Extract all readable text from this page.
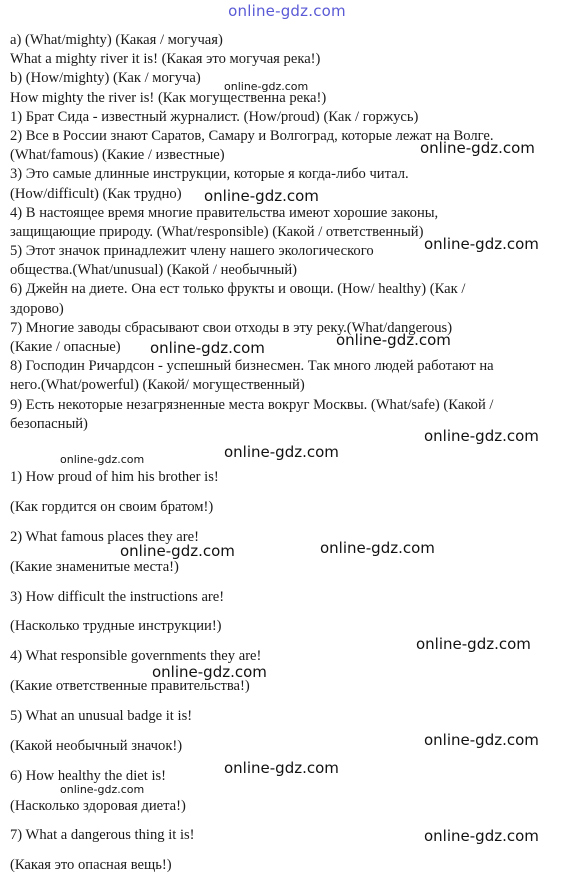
online-gdz.com
a) (What/mighty) (Какая / могучая)
What a mighty river it is! (Какая это могучая река!)
b) (How/mighty) (Как / могуча)
How mighty the river is! (Как могущественна река!)
1) Брат Сида - известный журналист. (How/proud) (Как / горжусь)
2) Все в России знают Саратов, Самару и Волгоград, которые лежат на Волге.
(What/famous) (Какие / известные)
3) Это самые длинные инструкции, которые я когда-либо читал.
(How/difficult) (Как трудно)
4) В настоящее время многие правительства имеют хорошие законы,
защищающие природу. (What/responsible) (Какой / ответственный)
5) Этот значок принадлежит члену нашего экологического
общества.(What/unusual) (Какой / необычный)
6) Джейн на диете. Она ест только фрукты и овощи. (How/ healthy) (Как /
здорово)
7) Многие заводы сбрасывают свои отходы в эту реку.(What/dangerous)
(Какие / опасные)
8) Господин Ричардсон - успешный бизнесмен. Так много людей работают на
него.(What/powerful) (Какой/ могущественный)
9) Есть некоторые незагрязненные места вокруг Москвы. (What/safe) (Какой /
безопасный)
1) How proud of him his brother is!
(Как гордится он своим братом!)
2) What famous places they are!
(Какие знаменитые места!)
3) How difficult the instructions are!
(Насколько трудные инструкции!)
4) What responsible governments they are!
(Какие ответственные правительства!)
5) What an unusual badge it is!
(Какой необычный значок!)
6) How healthy the diet is!
(Насколько здоровая диета!)
7) What a dangerous thing it is!
(Какая это опасная вещь!)
online-gdz.com
online-gdz.com
online-gdz.com
online-gdz.com
online-gdz.com
online-gdz.com
online-gdz.com
online-gdz.com
online-gdz.com
online-gdz.com	online-gdz.com
online-gdz.com
online-gdz.com
online-gdz.com
online-gdz.com
online-gdz.com
online-gdz.com
